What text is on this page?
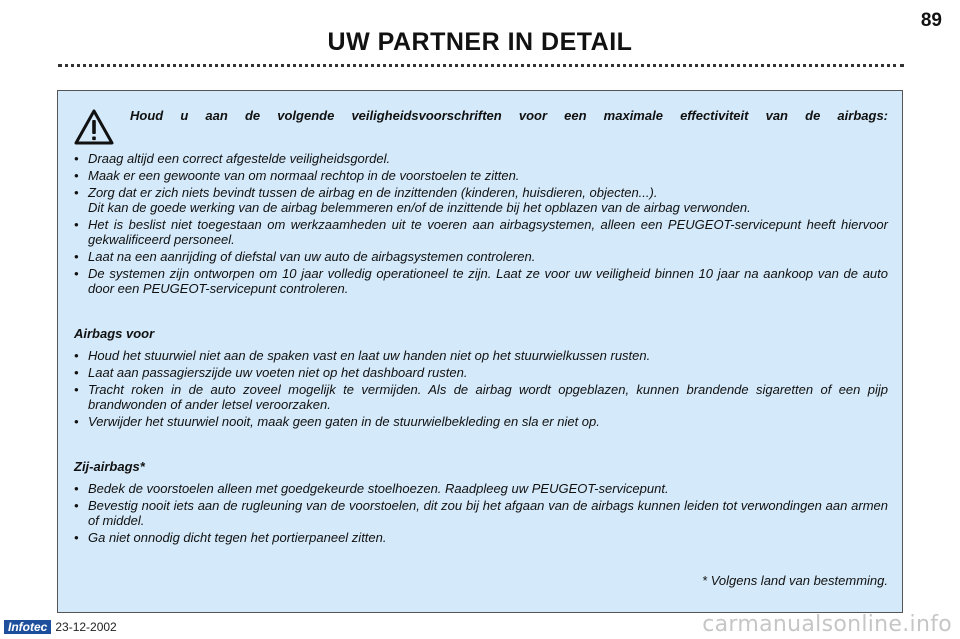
89
UW PARTNER IN DETAIL
Houd u aan de volgende veiligheidsvoorschriften voor een maximale effectiviteit van de airbags:
• Draag altijd een correct afgestelde veiligheidsgordel.
• Maak er een gewoonte van om normaal rechtop in de voorstoelen te zitten.
• Zorg dat er zich niets bevindt tussen de airbag en de inzittenden (kinderen, huisdieren, objecten...).
Dit kan de goede werking van de airbag belemmeren en/of de inzittende bij het opblazen van de airbag verwonden.
• Het is beslist niet toegestaan om werkzaamheden uit te voeren aan airbagsystemen, alleen een PEUGEOT-servicepunt heeft hiervoor gekwalificeerd personeel.
• Laat na een aanrijding of diefstal van uw auto de airbagsystemen controleren.
• De systemen zijn ontworpen om 10 jaar volledig operationeel te zijn. Laat ze voor uw veiligheid binnen 10 jaar na aankoop van de auto door een PEUGEOT-servicepunt controleren.
Airbags voor
• Houd het stuurwiel niet aan de spaken vast en laat uw handen niet op het stuurwielkussen rusten.
• Laat aan passagierszijde uw voeten niet op het dashboard rusten.
• Tracht roken in de auto zoveel mogelijk te vermijden. Als de airbag wordt opgeblazen, kunnen brandende sigaretten of een pijp brandwonden of ander letsel veroorzaken.
• Verwijder het stuurwiel nooit, maak geen gaten in de stuurwielbekleding en sla er niet op.
Zij-airbags*
• Bedek de voorstoelen alleen met goedgekeurde stoelhoezen. Raadpleeg uw PEUGEOT-servicepunt.
• Bevestig nooit iets aan de rugleuning van de voorstoelen, dit zou bij het afgaan van de airbags kunnen leiden tot verwondingen aan armen of middel.
• Ga niet onnodig dicht tegen het portierpaneel zitten.
* Volgens land van bestemming.
Infotec 23-12-2002	carmanualsonline.info
